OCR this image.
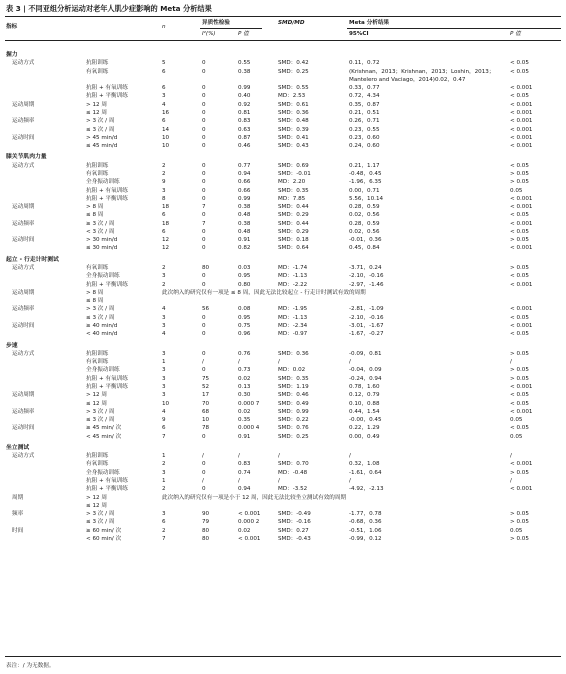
表 3 | 不同亚组分析运动对老年人肌少症影响的 Meta 分析结果
指标	n
异质性检验	SMD/MD	Meta 分析结果
I²(%)	P 值	95%CI	P 值
握力
运动方式	抗阻训练	5	0	0.55	SMD：0.42	0.11，0.72	< 0.05
有氧训练	6	0	0.38	SMD：0.25	(Krishnan，2013；Krishnan，2013；Loshin，2013；	< 0.05
Mantelero and Vaciago，2014)0.02，0.47
抗阻 + 有氧训练	6	0	0.99	SMD：0.55	0.33，0.77	< 0.001
抗阻 + 平衡训练	3	0	0.40	MD：2.53	0.72，4.34	< 0.05
运动周期	> 12 周	4	0	0.92	SMD：0.61	0.35，0.87	< 0.001
≤ 12 周	16	0	0.81	SMD：0.36	0.21，0.51	< 0.001
运动频率	> 3 次 / 周	6	0	0.83	SMD：0.48	0.26，0.71	< 0.001
≤ 3 次 / 周	14	0	0.63	SMD：0.39	0.23，0.55	< 0.001
运动时间	> 45 min/d	10	0	0.87	SMD：0.41	0.23，0.60	< 0.001
≤ 45 min/d	10	0	0.46	SMD：0.43	0.24，0.60	< 0.001
膝关节肌肉力量
运动方式	抗阻训练	2	0	0.77	SMD：0.69	0.21，1.17	< 0.05
有氧训练	2	0	0.94	SMD：-0.01	-0.48，0.45	> 0.05
全身振动训练	9	0	0.66	MD：2.20	-1.96，6.35	> 0.05
抗阻 + 有氧训练	3	0	0.66	SMD：0.35	0.00，0.71	0.05
抗阻 + 平衡训练	8	0	0.99	MD：7.85	5.56，10.14	< 0.001
运动周期	> 8 周	18	7	0.38	SMD：0.44	0.28，0.59	< 0.001
≤ 8 周	6	0	0.48	SMD：0.29	0.02，0.56	< 0.05
运动频率	≥ 3 次 / 周	18	7	0.38	SMD：0.44	0.28，0.59	< 0.001
< 3 次 / 周	6	0	0.48	SMD：0.29	0.02，0.56	< 0.05
运动时间	> 30 min/d	12	0	0.91	SMD：0.18	-0.01，0.36	> 0.05
≤ 30 min/d	12	0	0.82	SMD：0.64	0.45，0.84	< 0.001
起立 - 行走计时测试
运动方式	有氧训练	2	80	0.03	MD：-1.74	-3.71，0.24	> 0.05
全身振动训练	3	0	0.95	MD：-1.13	-2.10，-0.16	< 0.05
抗阻 + 平衡训练	2	0	0.80	MD：-2.22	-2.97，-1.46	< 0.001
运动周期	> 8 周	此次纳入的研究仅有一项是 ≤ 8 周，因此无法比较起立 - 行走计时测试有效的周期
≤ 8 周
运动频率	> 3 次 / 周	4	56	0.08	MD：-1.95	-2.81，-1.09	< 0.001
≤ 3 次 / 周	3	0	0.95	MD：-1.13	-2.10，-0.16	< 0.05
运动时间	≥ 40 min/d	3	0	0.75	MD：-2.34	-3.01，-1.67	< 0.001
< 40 min/d	4	0	0.96	MD：-0.97	-1.67，-0.27	< 0.05
步速
运动方式	抗阻训练	3	0	0.76	SMD：0.36	-0.09，0.81	> 0.05
有氧训练	1	/	/	/	/	/
全身振动训练	3	0	0.73	MD：0.02	-0.04，0.09	> 0.05
抗阻 + 有氧训练	3	75	0.02	SMD：0.35	-0.24，0.94	> 0.05
抗阻 + 平衡训练	3	52	0.13	SMD：1.19	0.78，1.60	< 0.001
运动周期	> 12 周	3	17	0.30	SMD：0.46	0.12，0.79	< 0.05
≤ 12 周	10	70	0.000 7	SMD：0.49	0.10，0.88	< 0.05
运动频率	> 3 次 / 周	4	68	0.02	SMD：0.99	0.44，1.54	< 0.001
≤ 3 次 / 周	9	10	0.35	SMD：0.22	-0.00，0.45	0.05
运动时间	≥ 45 min/ 次	6	78	0.000 4	SMD：0.76	0.22，1.29	< 0.05
< 45 min/ 次	7	0	0.91	SMD：0.25	0.00，0.49	0.05
坐立测试
运动方式	抗阻训练	1	/	/	/	/	/
有氧训练	2	0	0.83	SMD：0.70	0.32，1.08	< 0.001
全身振动训练	3	0	0.74	MD：-0.48	-1.61，0.64	> 0.05
抗阻 + 有氧训练	1	/	/	/	/	/
抗阻 + 平衡训练	2	0	0.94	MD：-3.52	-4.92，-2.13	< 0.001
周期	> 12 周	此次纳入的研究仅有一项是小于 12 周，因此无法比较坐立测试有效的周期
≤ 12 周
频率	> 3 次 / 周	3	90	< 0.001	SMD：-0.49	-1.77，0.78	> 0.05
≤ 3 次 / 周	6	79	0.000 2	SMD：-0.16	-0.68，0.36	> 0.05
时间	≥ 60 min/ 次	2	80	0.02	SMD：0.27	-0.51，1.06	0.05
< 60 min/ 次	7	80	< 0.001	SMD：-0.43	-0.99，0.12	> 0.05
表注：/ 为无数据。
